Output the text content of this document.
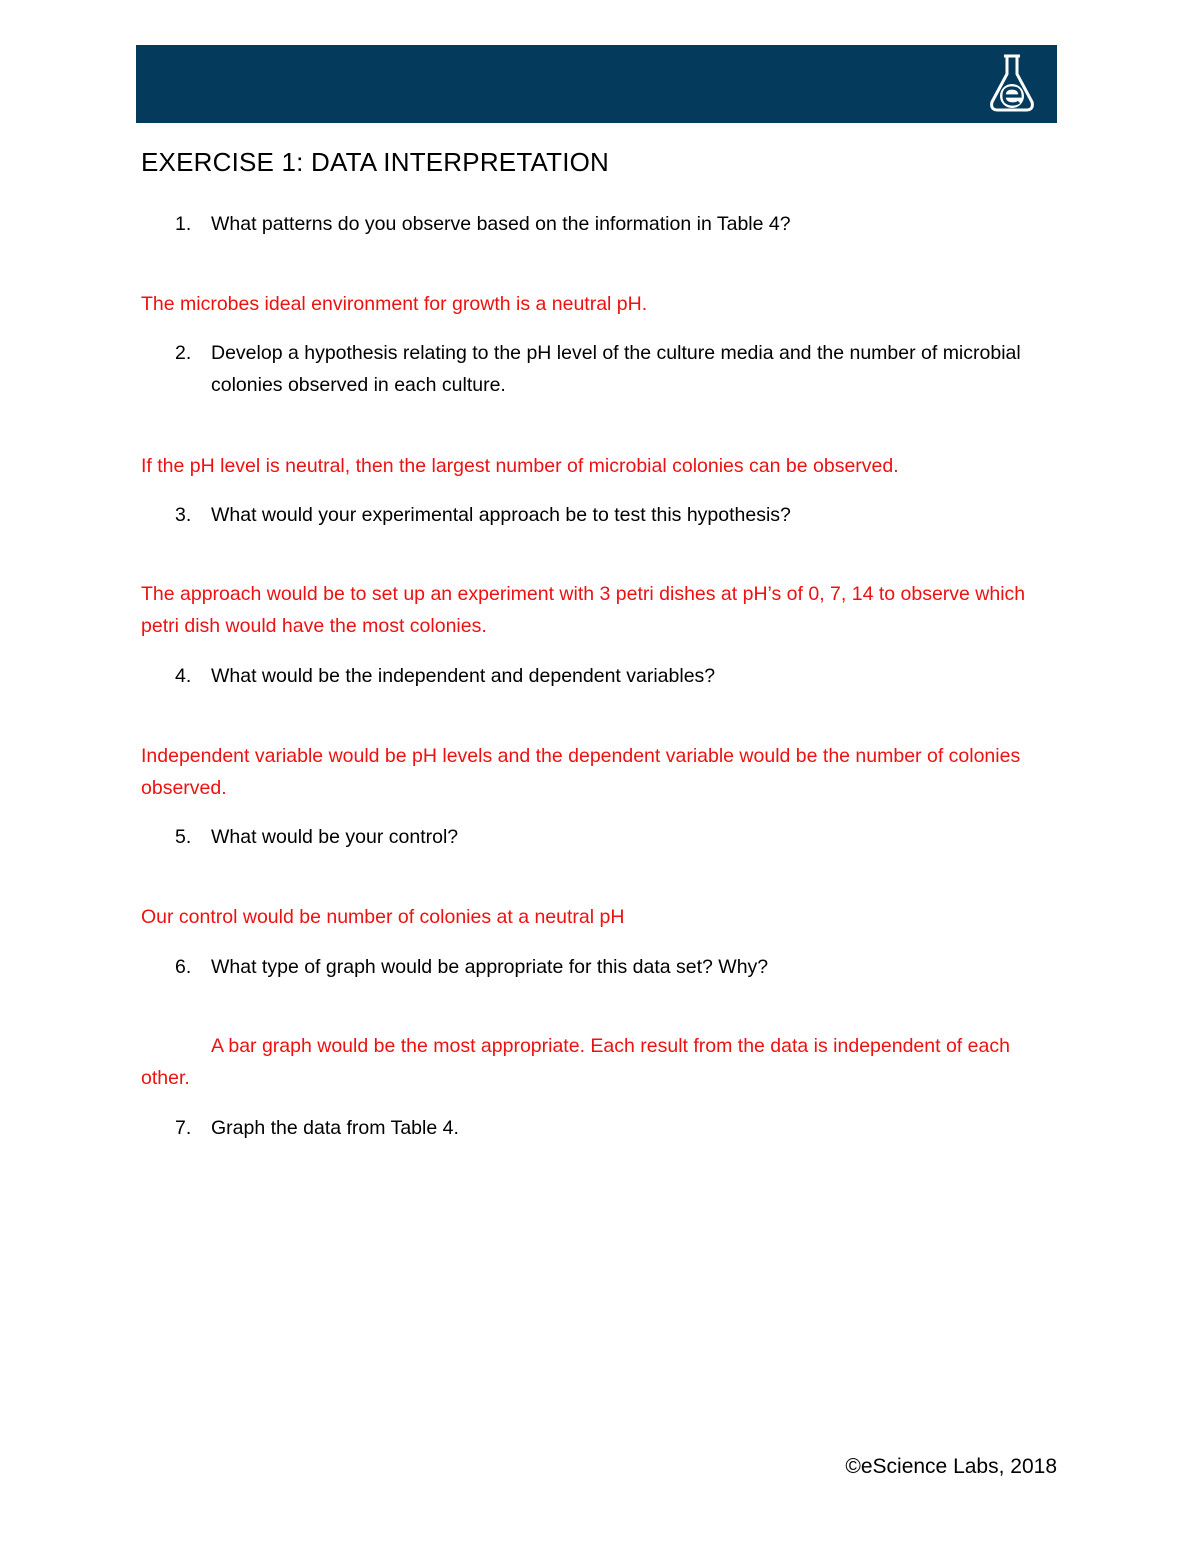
EXERCISE 1: DATA INTERPRETATION
1.	What patterns do you observe based on the information in Table 4?
The microbes ideal environment for growth is a neutral pH.
2.	Develop a hypothesis relating to the pH level of the culture media and the number of microbial colonies observed in each culture.
If the pH level is neutral, then the largest number of microbial colonies can be observed.
3.	What would your experimental approach be to test this hypothesis?
The approach would be to set up an experiment with 3 petri dishes at pH’s of 0, 7, 14 to observe which petri dish would have the most colonies.
4.	What would be the independent and dependent variables?
Independent variable would be pH levels and the dependent variable would be the number of colonies observed.
5.	What would be your control?
Our control would be number of colonies at a neutral pH
6.	What type of graph would be appropriate for this data set? Why?
A bar graph would be the most appropriate. Each result from the data is independent of each other.
7.	Graph the data from Table 4.
©eScience Labs, 2018
